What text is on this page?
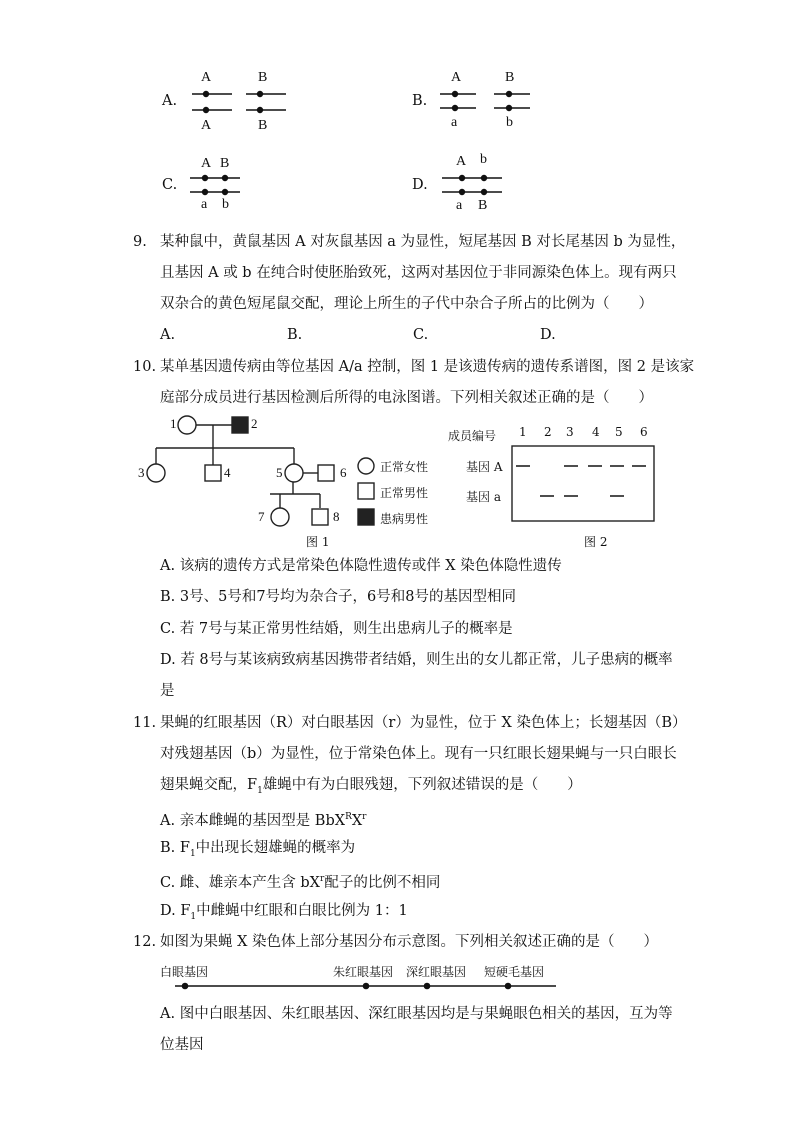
A.
A	B
A	B
B.
A	B
a	b
C.
A B
a b
D.
A b
a B
9. 某种鼠中，黄鼠基因 A 对灰鼠基因 a 为显性，短尾基因 B 对长尾基因 b 为显性，
且基因 A 或 b 在纯合时使胚胎致死，这两对基因位于非同源染色体上。现有两只
双杂合的黄色短尾鼠交配，理论上所生的子代中杂合子所占的比例为（　　）
A.	B.	C.	D.
10. 某单基因遗传病由等位基因 A/a 控制，图 1 是该遗传病的遗传系谱图，图 2 是该家
庭部分成员进行基因检测后所得的电泳图谱。下列相关叙述正确的是（　　）
1	2
3	4	5	6
7	8
正常女性
正常男性
患病男性
图 1
成员编号 1 2 3 4 5 6
基因 A
基因 a
图 2
A. 该病的遗传方式是常染色体隐性遗传或伴 X 染色体隐性遗传
B. 3号、5号和7号均为杂合子，6号和8号的基因型相同
C. 若 7号与某正常男性结婚，则生出患病儿子的概率是
D. 若 8号与某该病致病基因携带者结婚，则生出的女儿都正常，儿子患病的概率
是
11. 果蝇的红眼基因（R）对白眼基因（r）为显性，位于 X 染色体上；长翅基因（B）
对残翅基因（b）为显性，位于常染色体上。现有一只红眼长翅果蝇与一只白眼长
翅果蝇交配，$F_1$雄蝇中有为白眼残翅，下列叙述错误的是（　　）
A. 亲本雌蝇的基因型是 $BbX^RX^r$
B. $F_1$中出现长翅雄蝇的概率为
C. 雌、雄亲本产生含 $bX^r$配子的比例不相同
D. $F_1$中雌蝇中红眼和白眼比例为 1：1
12. 如图为果蝇 X 染色体上部分基因分布示意图。下列相关叙述正确的是（　　）
白眼基因	朱红眼基因 深红眼基因 短硬毛基因
A. 图中白眼基因、朱红眼基因、深红眼基因均是与果蝇眼色相关的基因，互为等
位基因
